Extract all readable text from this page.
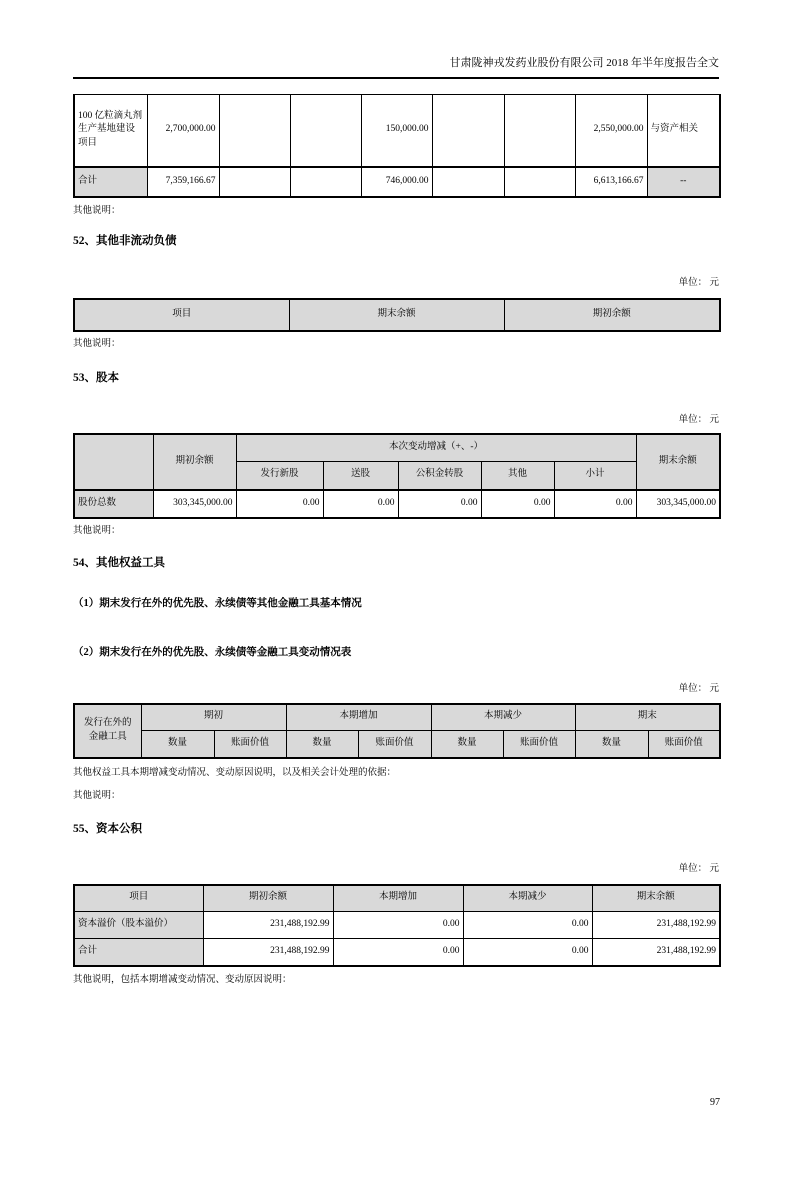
甘肃陇神戎发药业股份有限公司 2018 年半年度报告全文
100 亿粒滴丸剂生产基地建设项目	2,700,000.00			150,000.00			2,550,000.00	与资产相关
合计	7,359,166.67			746,000.00			6,613,166.67	--
其他说明：
52、其他非流动负债
单位： 元
项目	期末余额	期初余额
其他说明：
53、股本
单位： 元
	期初余额	本次变动增减（+、-）					期末余额
		发行新股	送股	公积金转股	其他	小计	
股份总数	303,345,000.00	0.00	0.00	0.00	0.00	0.00	303,345,000.00
其他说明：
54、其他权益工具
（1）期末发行在外的优先股、永续债等其他金融工具基本情况
（2）期末发行在外的优先股、永续债等金融工具变动情况表
单位： 元
发行在外的金融工具	期初		本期增加		本期减少		期末	
	数量	账面价值	数量	账面价值	数量	账面价值	数量	账面价值
其他权益工具本期增减变动情况、变动原因说明，以及相关会计处理的依据：
其他说明：
55、资本公积
单位： 元
项目	期初余额	本期增加	本期减少	期末余额
资本溢价（股本溢价）	231,488,192.99	0.00	0.00	231,488,192.99
合计	231,488,192.99	0.00	0.00	231,488,192.99
其他说明，包括本期增减变动情况、变动原因说明：
97
